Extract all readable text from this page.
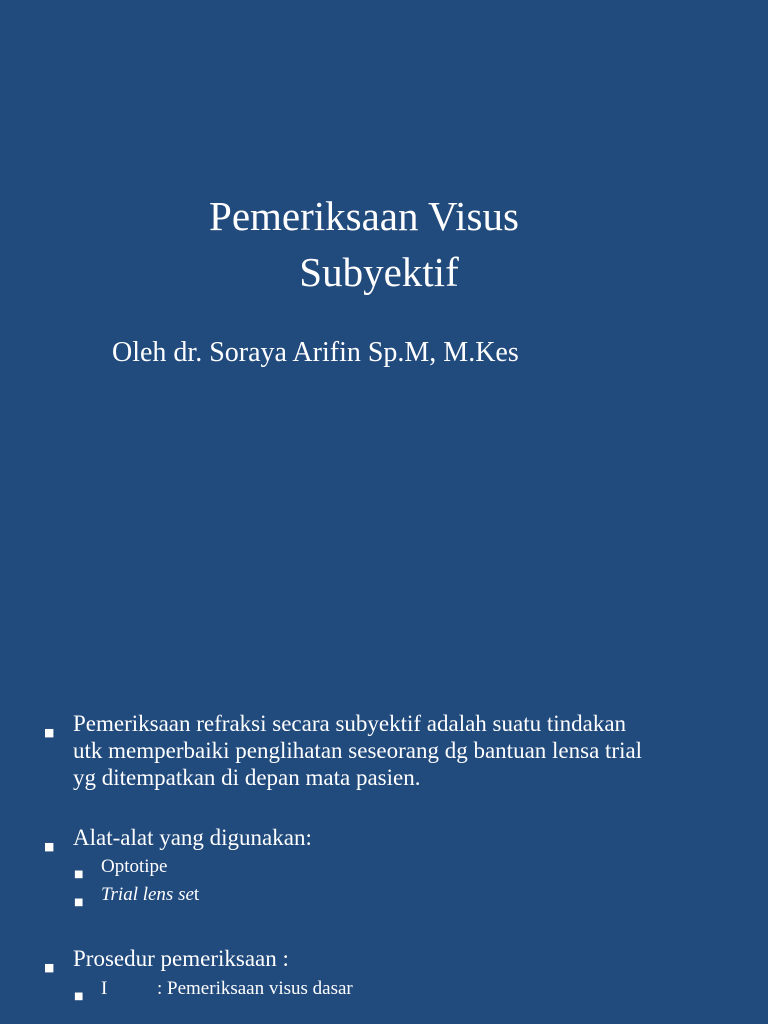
Pemeriksaan Visus
Subyektif
Oleh dr. Soraya Arifin Sp.M, M.Kes
■ Pemeriksaan refraksi secara subyektif adalah suatu tindakan
utk memperbaiki penglihatan seseorang dg bantuan lensa trial
yg ditempatkan di depan mata pasien.
■ Alat-alat yang digunakan:
■ Optotipe
■ Trial lens set
■ Prosedur pemeriksaan :
■ I	: Pemeriksaan visus dasar
